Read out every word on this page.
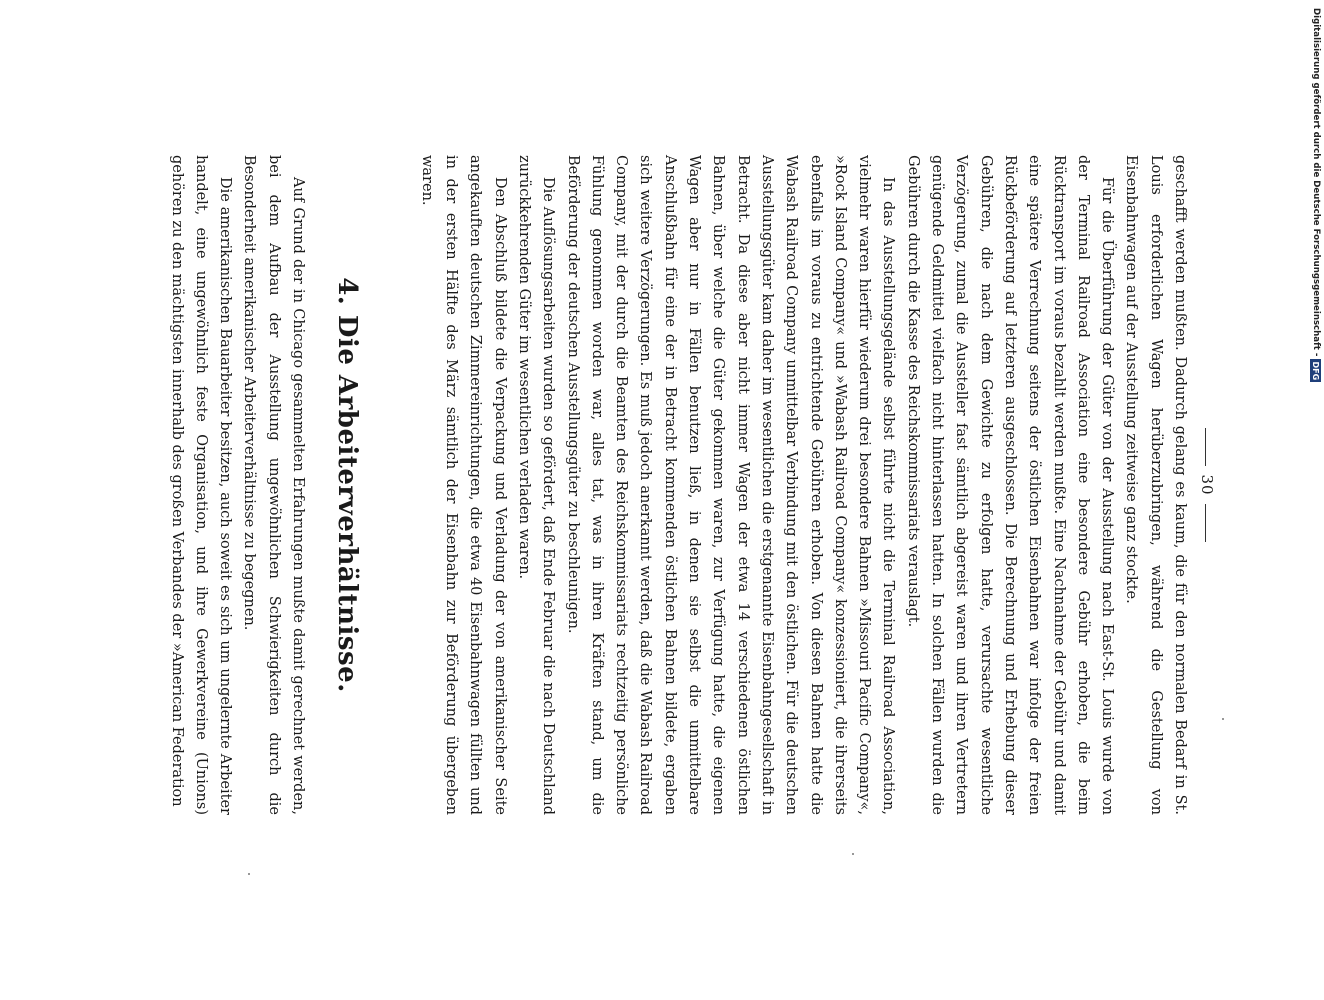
30

geschafft werden mußten. Dadurch gelang es kaum, die für den normalen Bedarf in St. Louis erforderlichen Wagen herüberzubringen, während die Gestellung von Eisenbahnwagen auf der Ausstellung zeitweise ganz stockte.

Für die Überführung der Güter von der Ausstellung nach East-St. Louis wurde von der Terminal Railroad Association eine besondere Gebühr erhoben, die beim Rücktransport im voraus bezahlt werden mußte. Eine Nachnahme der Gebühr und damit eine spätere Verrechnung seitens der östlichen Eisenbahnen war infolge der freien Rückbeförderung auf letzteren ausgeschlossen. Die Berechnung und Erhebung dieser Gebühren, die nach dem Gewichte zu erfolgen hatte, verursachte wesentliche Verzögerung, zumal die Aussteller fast sämtlich abgereist waren und ihren Vertretern genügende Geldmittel vielfach nicht hinterlassen hatten. In solchen Fällen wurden die Gebühren durch die Kasse des Reichskommissariats verauslagt.

In das Ausstellungsgelände selbst führte nicht die Terminal Railroad Association, vielmehr waren hierfür wiederum drei besondere Bahnen »Missouri Pacific Company«, »Rock Island Company« und »Wabash Railroad Company« konzessioniert, die ihrerseits ebenfalls im voraus zu entrichtende Gebühren erhoben. Von diesen Bahnen hatte die Wabash Railroad Company unmittelbar Verbindung mit den östlichen. Für die deutschen Ausstellungsgüter kam daher im wesentlichen die erstgenannte Eisenbahngesellschaft in Betracht. Da diese aber nicht immer Wagen der etwa 14 verschiedenen östlichen Bahnen, über welche die Güter gekommen waren, zur Verfügung hatte, die eigenen Wagen aber nur in Fällen benutzen ließ, in denen sie selbst die unmittelbare Anschlußbahn für eine der in Betracht kommenden östlichen Bahnen bildete, ergaben sich weitere Verzögerungen. Es muß jedoch anerkannt werden, daß die Wabash Railroad Company, mit der durch die Beamten des Reichskommissariats rechtzeitig persönliche Fühlung genommen worden war, alles tat, was in ihren Kräften stand, um die Beförderung der deutschen Ausstellungsgüter zu beschleunigen.

Die Auflösungsarbeiten wurden so gefördert, daß Ende Februar die nach Deutschland zurückkehrenden Güter im wesentlichen verladen waren.

Den Abschluß bildete die Verpackung und Verladung der von amerikanischer Seite angekauften deutschen Zimmereinrichtungen, die etwa 40 Eisenbahnwagen füllten und in der ersten Hälfte des März sämtlich der Eisenbahn zur Beförderung übergeben waren.

4. Die Arbeiterverhältnisse.

Auf Grund der in Chicago gesammelten Erfahrungen mußte damit gerechnet werden, bei dem Aufbau der Ausstellung ungewöhnlichen Schwierigkeiten durch die Besonderheit amerikanischer Arbeiterverhältnisse zu begegnen.

Die amerikanischen Bauarbeiter besitzen, auch soweit es sich um ungelernte Arbeiter handelt, eine ungewöhnlich feste Organisation, und ihre Gewerkvereine (Unions) gehören zu den mächtigsten innerhalb des großen Verbandes der »American Federation	Digitalisierung gefördert durch die Deutsche Forschungsgemeinschaft -
DFG
